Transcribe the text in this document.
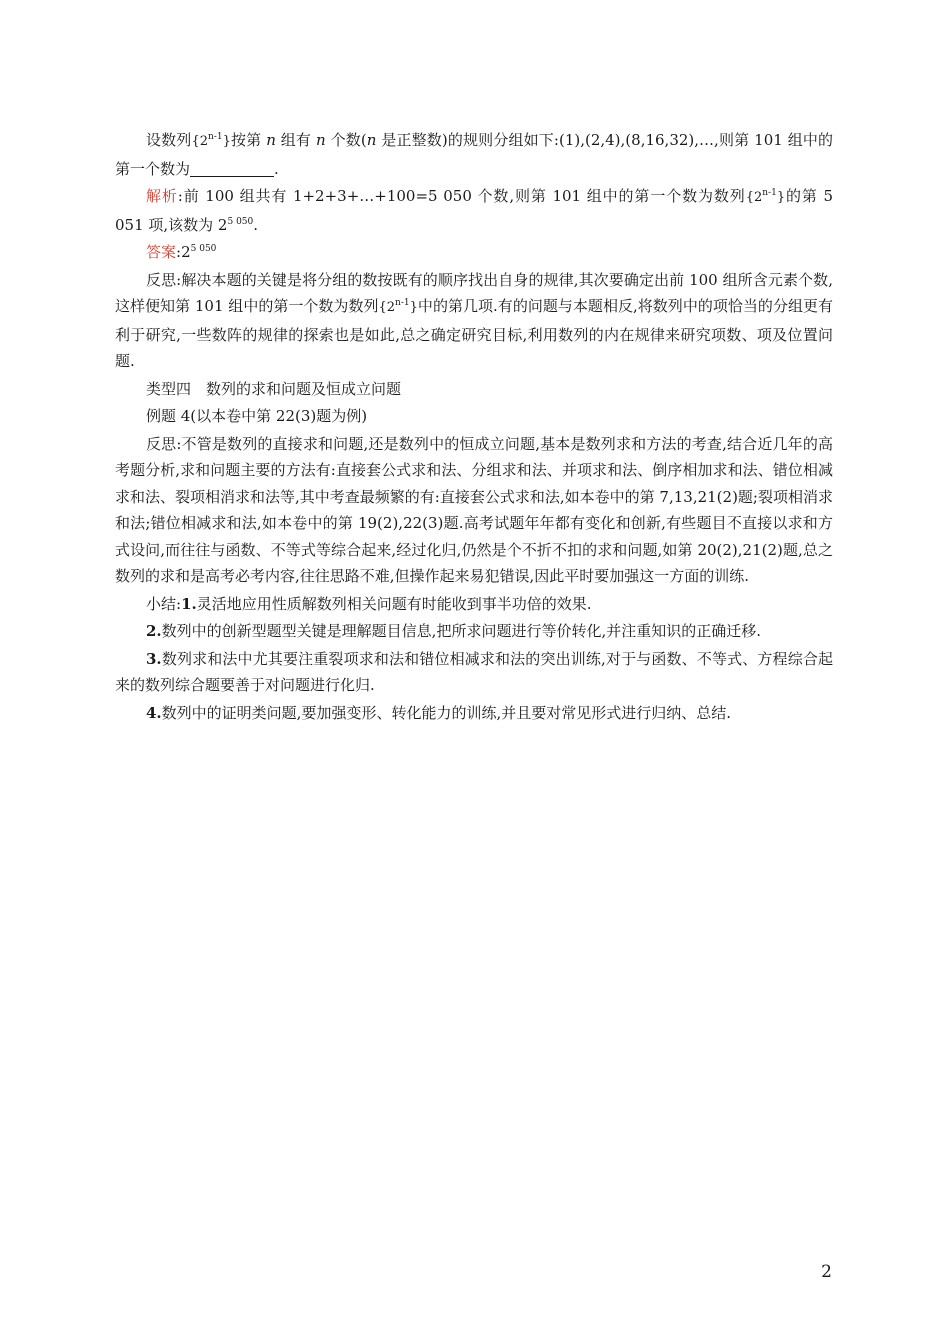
设数列{2$^{n-1}$}按第 n 组有 n 个数(n 是正整数)的规则分组如下:(1),(2,4),(8,16,32),…,则第 101 组中的第一个数为	.

解析:前 100 组共有 1+2+3+…+100=5 050 个数,则第 101 组中的第一个数为数列{2$^{n-1}$}的第 5 051 项,该数为 $2^{5 050}$.

答案$:2^{5 050}$

反思:解决本题的关键是将分组的数按既有的顺序找出自身的规律,其次要确定出前 100 组所含元素个数,这样便知第 101 组中的第一个数为数列{2$^{n-1}$}中的第几项.有的问题与本题相反,将数列中的项恰当的分组更有利于研究,一些数阵的规律的探索也是如此,总之确定研究目标,利用数列的内在规律来研究项数、项及位置问题.

类型四　数列的求和问题及恒成立问题

例题 4(以本卷中第 22(3)题为例)

反思:不管是数列的直接求和问题,还是数列中的恒成立问题,基本是数列求和方法的考查,结合近几年的高考题分析,求和问题主要的方法有:直接套公式求和法、分组求和法、并项求和法、倒序相加求和法、错位相减求和法、裂项相消求和法等,其中考查最频繁的有:直接套公式求和法,如本卷中的第 7,13,21(2)题;裂项相消求和法;错位相减求和法,如本卷中的第 19(2),22(3)题.高考试题年年都有变化和创新,有些题目不直接以求和方式设问,而往往与函数、不等式等综合起来,经过化归,仍然是个不折不扣的求和问题,如第 20(2),21(2)题,总之数列的求和是高考必考内容,往往思路不难,但操作起来易犯错误,因此平时要加强这一方面的训练.

小结:1.灵活地应用性质解数列相关问题有时能收到事半功倍的效果.

2.数列中的创新型题型关键是理解题目信息,把所求问题进行等价转化,并注重知识的正确迁移.

3.数列求和法中尤其要注重裂项求和法和错位相减求和法的突出训练,对于与函数、不等式、方程综合起来的数列综合题要善于对问题进行化归.

4.数列中的证明类问题,要加强变形、转化能力的训练,并且要对常见形式进行归纳、总结.

2
